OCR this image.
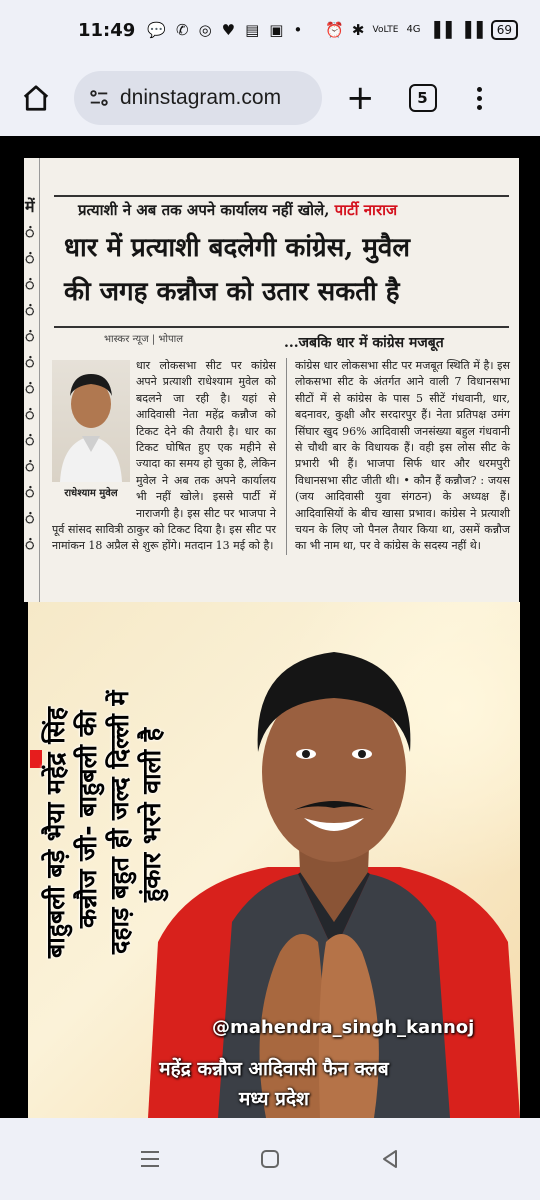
11:49 💬 ✆ ◎ ♥ ▤ ▣ • ⏰ ✱ VoLTE 4G ▐▐ ▐▐	69
dninstagram.com +	5
में
ं
ं
ं
ं
ं
ं
ं
ं
ं
ं
ं
ं
ं
प्रत्याशी ने अब तक अपने कार्यालय नहीं खोले, पार्टी नाराज
धार में प्रत्याशी बदलेगी कांग्रेस, मुवैल
की जगह कन्नौज को उतार सकती है
भास्कर न्यूज | भोपाल	...जबकि धार में कांग्रेस मजबूत
राधेश्याम मुवेल
धार लोकसभा सीट पर कांग्रेस अपने प्रत्याशी राधेश्याम मुवेल को बदलने जा रही है। यहां से आदिवासी नेता महेंद्र कन्नौज को टिकट देने की तैयारी है। धार का टिकट घोषित हुए एक महीने से ज्यादा का समय हो चुका है, लेकिन मुवेल ने अब तक अपने कार्यालय भी नहीं खोले। इससे पार्टी में नाराजगी है। इस सीट पर भाजपा ने पूर्व सांसद सावित्री ठाकुर को टिकट दिया है। इस सीट पर नामांकन 18 अप्रैल से शुरू होंगे। मतदान 13 मई को है।
कांग्रेस धार लोकसभा सीट पर मजबूत स्थिति में है। इस लोकसभा सीट के अंतर्गत आने वाली 7 विधानसभा सीटों में से कांग्रेस के पास 5 सीटें गंधवानी, धार, बदनावर, कुक्षी और सरदारपुर हैं। नेता प्रतिपक्ष उमंग सिंघार खुद 96% आदिवासी जनसंख्या बहुल गंधवानी से चौथी बार के विधायक हैं। वही इस लोस सीट के प्रभारी भी हैं। भाजपा सिर्फ धार और धरमपुरी विधानसभा सीट जीती थी। • कौन हैं कन्नौज? : जयस (जय आदिवासी युवा संगठन) के अध्यक्ष हैं। आदिवासियों के बीच खासा प्रभाव। कांग्रेस ने प्रत्याशी चयन के लिए जो पैनल तैयार किया था, उसमें कन्नौज का भी नाम था, पर वे कांग्रेस के सदस्य नहीं थे।
बाहुबली बड़े भैया महेंद्र सिंह कन्नौज जी- बाहुबली की दहाड़ बहुत ही जल्द दिल्ली में हुंकार भरने वाली है
@mahendra_singh_kannoj
महेंद्र कन्नौज आदिवासी फैन क्लब
मध्य प्रदेश
